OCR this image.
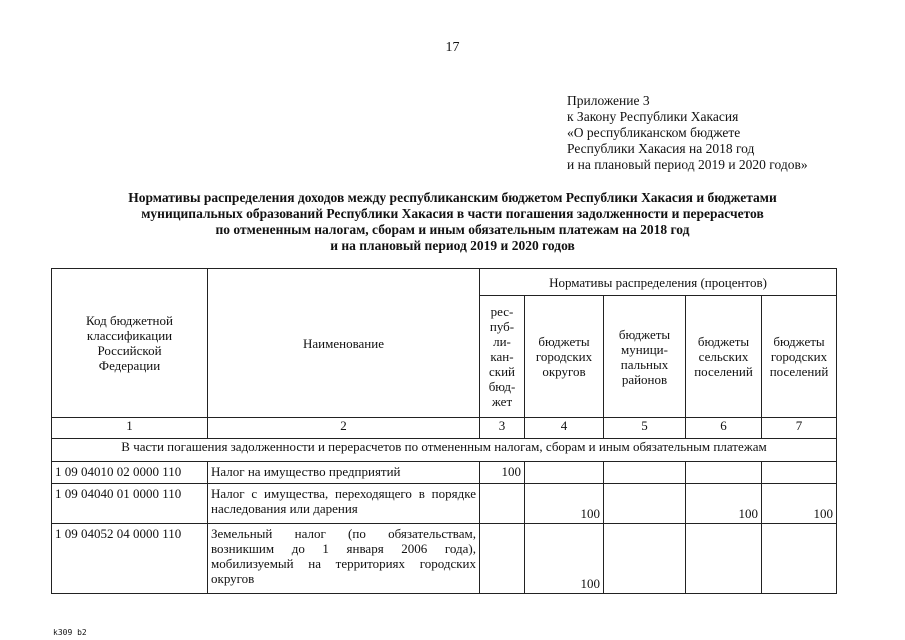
17
Приложение 3
к Закону Республики Хакасия
«О республиканском бюджете
Республики Хакасия на 2018 год
и на плановый период 2019 и 2020 годов»
Нормативы распределения доходов между республиканским бюджетом Республики Хакасия и бюджетами
муниципальных образований Республики Хакасия в части погашения задолженности и перерасчетов
по отмененным налогам, сборам и иным обязательным платежам на 2018 год
и на плановый период 2019 и 2020 годов
Код бюджетной классификации Российской Федерации	Наименование	Нормативы распределения (процентов)				
		рес-пуб-ли-кан-ский бюд-жет	бюджеты городских округов	бюджеты муници-пальных районов	бюджеты сельских поселений	бюджеты городских поселений
1	2	3	4	5	6	7
В части погашения задолженности и перерасчетов по отмененным налогам, сборам и иным обязательным платежам						
1 09 04010 02 0000 110	Налог на имущество предприятий	100				
1 09 04040 01 0000 110	Налог с имущества, переходящего в порядке наследования или дарения		100		100	100
1 09 04052 04 0000 110	Земельный налог (по обязательствам, возникшим до 1 января 2006 года), мобилизуемый на территориях городских округов		100			
k309 b2
